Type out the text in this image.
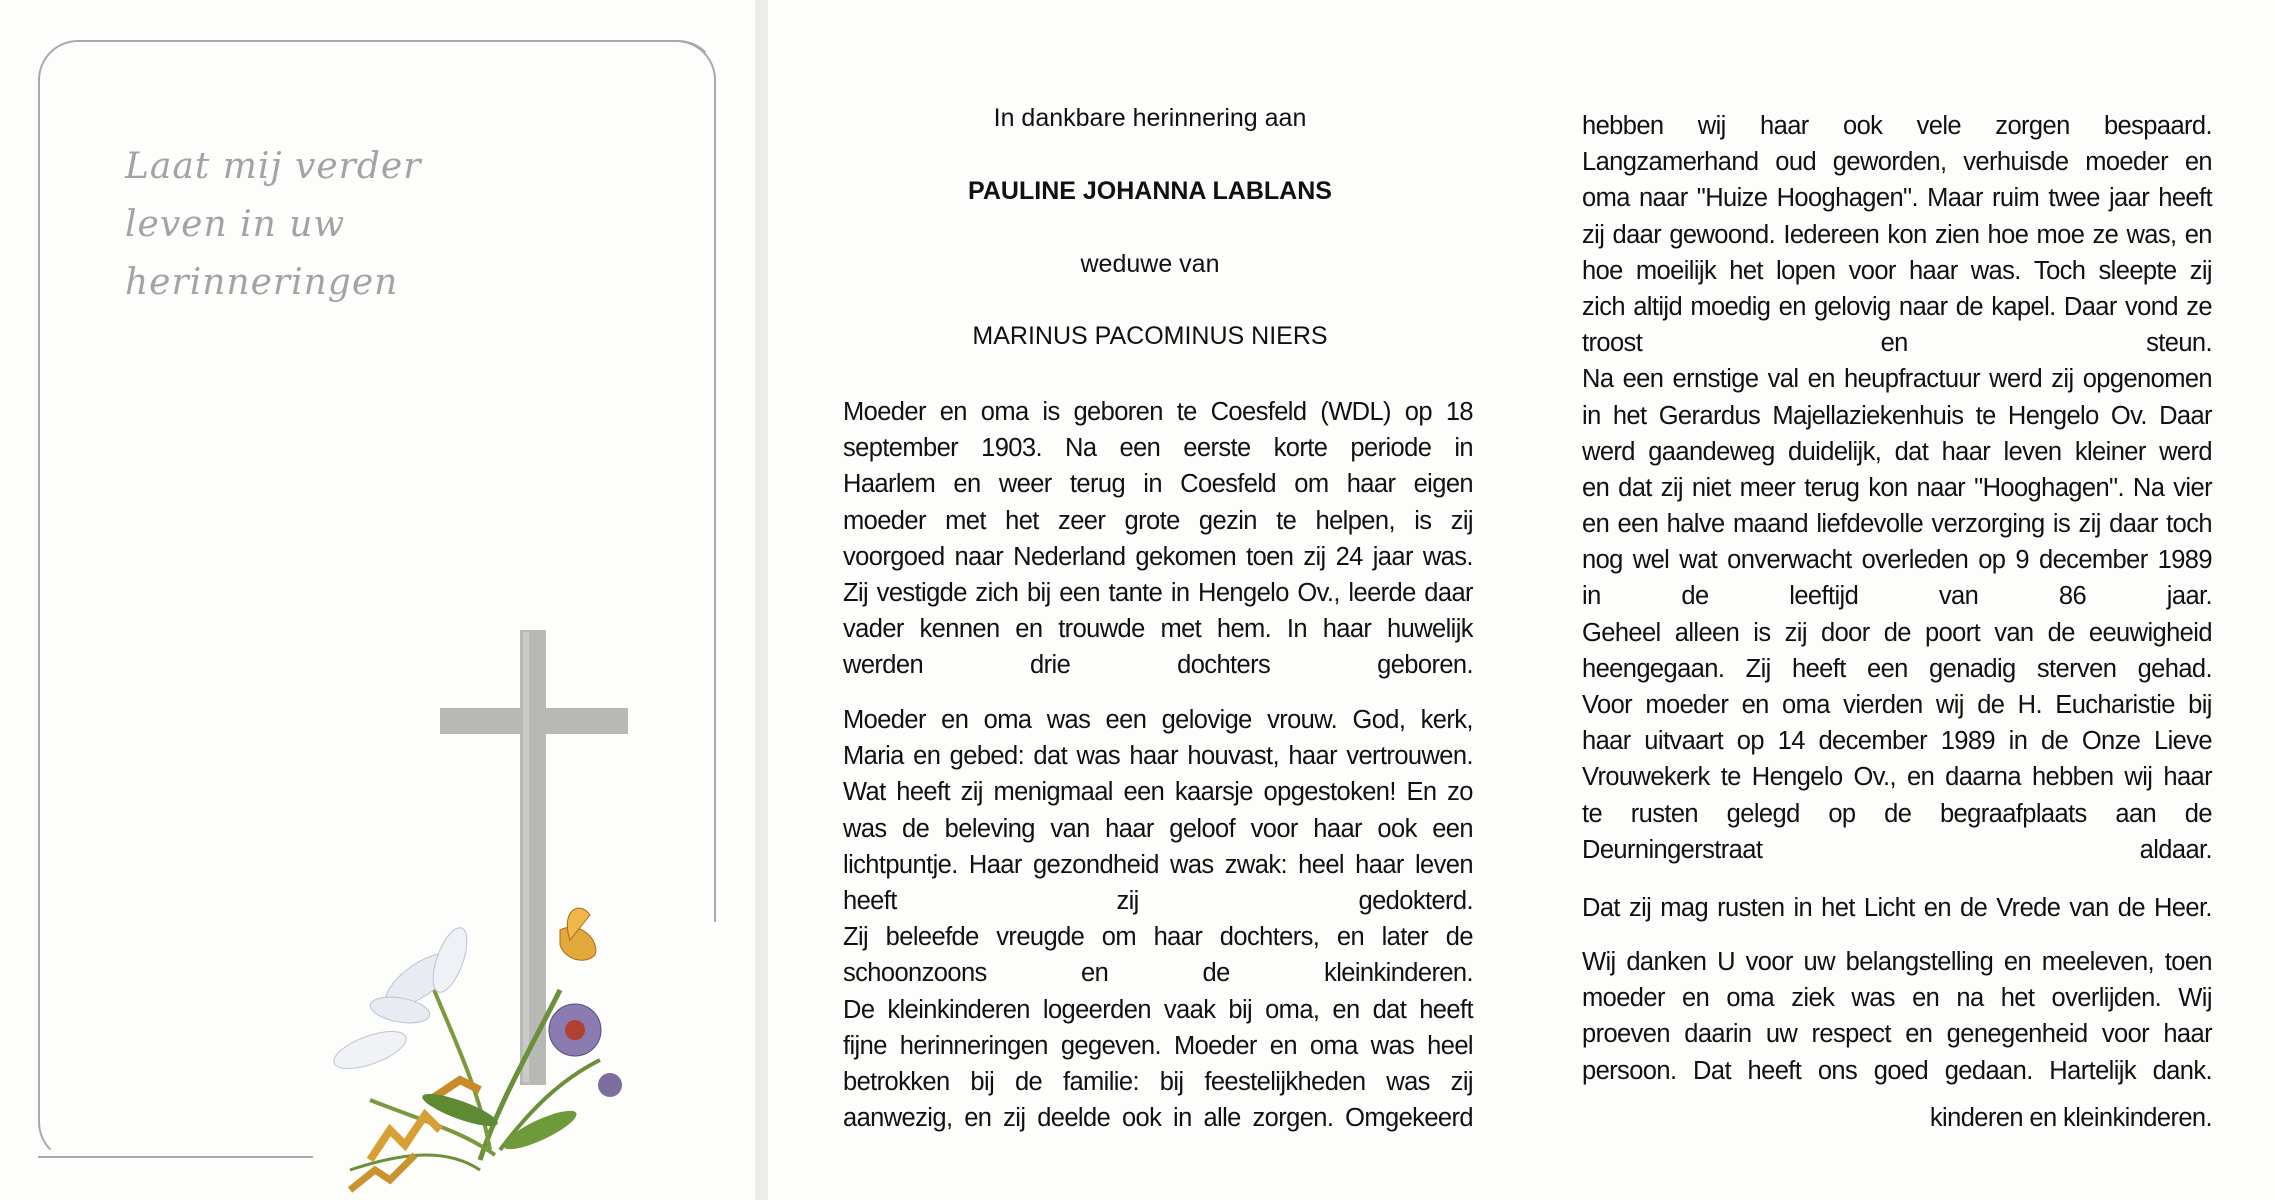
Laat mij verder
leven in uw
herinneringen
In dankbare herinnering aan
PAULINE JOHANNA LABLANS
weduwe van
MARINUS PACOMINUS NIERS
Moeder en oma is geboren te Coesfeld (WDL) op 18
september 1903. Na een eerste korte periode in
Haarlem en weer terug in Coesfeld om haar eigen
moeder met het zeer grote gezin te helpen, is zij
voorgoed naar Nederland gekomen toen zij 24 jaar was.
Zij vestigde zich bij een tante in Hengelo Ov., leerde daar
vader kennen en trouwde met hem. In haar huwelijk
werden drie dochters geboren.
Moeder en oma was een gelovige vrouw. God, kerk,
Maria en gebed: dat was haar houvast, haar vertrouwen.
Wat heeft zij menigmaal een kaarsje opgestoken! En zo
was de beleving van haar geloof voor haar ook een
lichtpuntje. Haar gezondheid was zwak: heel haar leven
heeft zij gedokterd.
Zij beleefde vreugde om haar dochters, en later de
schoonzoons en de kleinkinderen.
De kleinkinderen logeerden vaak bij oma, en dat heeft
fijne herinneringen gegeven. Moeder en oma was heel
betrokken bij de familie: bij feestelijkheden was zij
aanwezig, en zij deelde ook in alle zorgen. Omgekeerd
hebben wij haar ook vele zorgen bespaard.
Langzamerhand oud geworden, verhuisde moeder en
oma naar "Huize Hooghagen". Maar ruim twee jaar heeft
zij daar gewoond. Iedereen kon zien hoe moe ze was, en
hoe moeilijk het lopen voor haar was. Toch sleepte zij
zich altijd moedig en gelovig naar de kapel. Daar vond ze
troost en steun.
Na een ernstige val en heupfractuur werd zij opgenomen
in het Gerardus Majellaziekenhuis te Hengelo Ov. Daar
werd gaandeweg duidelijk, dat haar leven kleiner werd
en dat zij niet meer terug kon naar "Hooghagen". Na vier
en een halve maand liefdevolle verzorging is zij daar toch
nog wel wat onverwacht overleden op 9 december 1989
in de leeftijd van 86 jaar.
Geheel alleen is zij door de poort van de eeuwigheid
heengegaan. Zij heeft een genadig sterven gehad.
Voor moeder en oma vierden wij de H. Eucharistie bij
haar uitvaart op 14 december 1989 in de Onze Lieve
Vrouwekerk te Hengelo Ov., en daarna hebben wij haar
te rusten gelegd op de begraafplaats aan de
Deurningerstraat aldaar.
Dat zij mag rusten in het Licht en de Vrede van de Heer.
Wij danken U voor uw belangstelling en meeleven, toen
moeder en oma ziek was en na het overlijden. Wij
proeven daarin uw respect en genegenheid voor haar
persoon. Dat heeft ons goed gedaan. Hartelijk dank.
kinderen en kleinkinderen.
